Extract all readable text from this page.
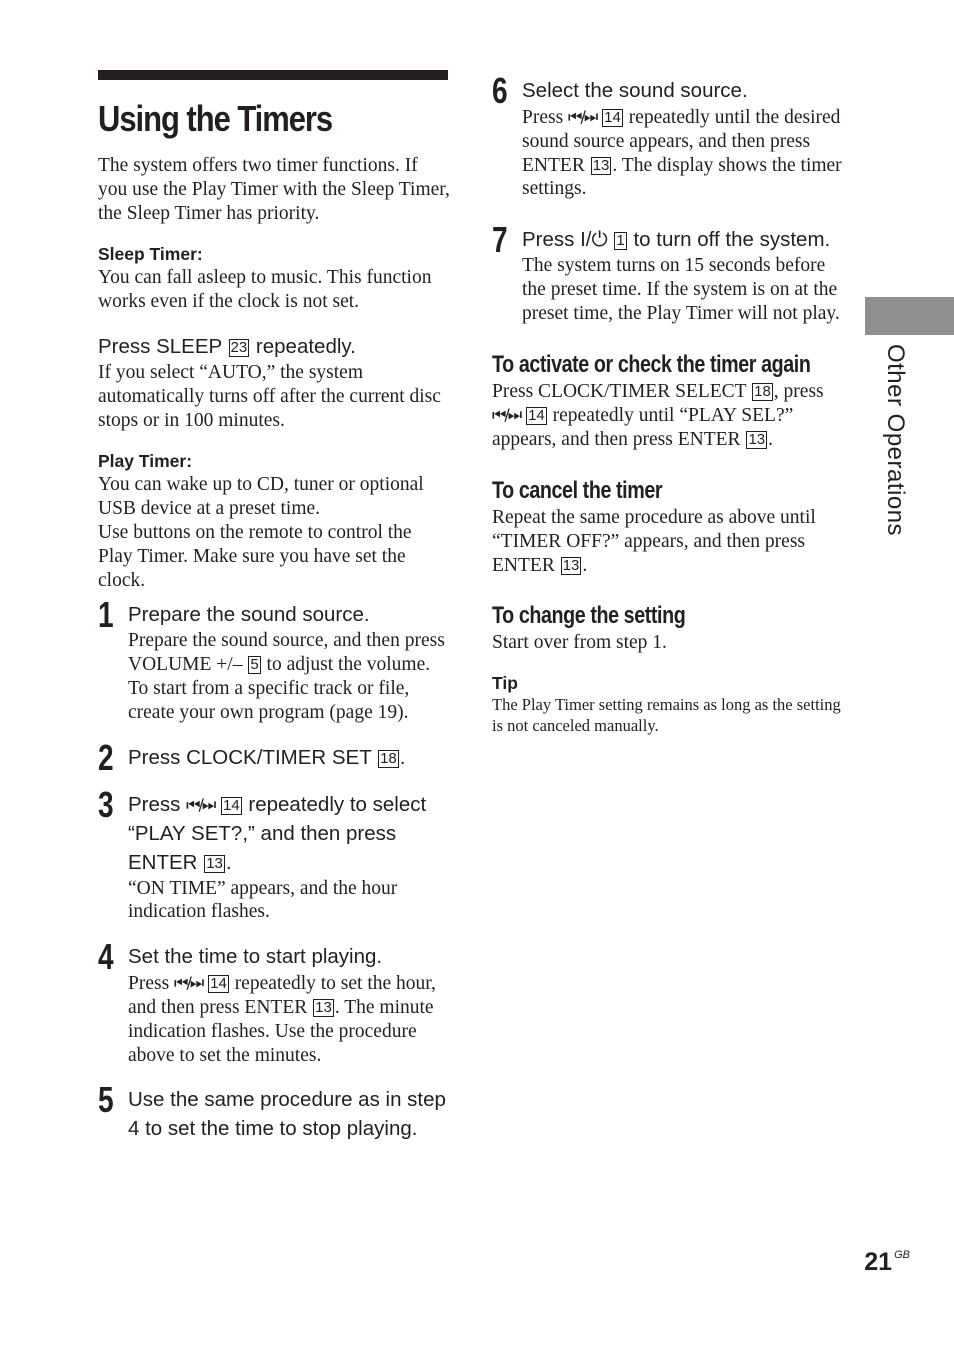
Using the Timers

The system offers two timer functions. If you use the Play Timer with the Sleep Timer, the Sleep Timer has priority.

Sleep Timer:

You can fall asleep to music. This function works even if the clock is not set.

Press SLEEP 23 repeatedly.

If you select “AUTO,” the system automatically turns off after the current disc stops or in 100 minutes.

Play Timer:

You can wake up to CD, tuner or optional USB device at a preset time.

Use buttons on the remote to control the Play Timer. Make sure you have set the clock.

1 Prepare the sound source.

Prepare the sound source, and then press VOLUME +/– 5 to adjust the volume.

To start from a specific track or file, create your own program (page 19).

2 Press CLOCK/TIMER SET 18 .

3 Press ⏮/⏭ 14 repeatedly to select “PLAY SET?,” and then press ENTER 13 .

“ON TIME” appears, and the hour indication flashes.

4 Set the time to start playing.

Press ⏮/⏭ 14 repeatedly to set the hour, and then press ENTER 13 . The minute indication flashes. Use the procedure above to set the minutes.

5 Use the same procedure as in step 4 to set the time to stop playing.

6 Select the sound source.

Press ⏮/⏭ 14 repeatedly until the desired sound source appears, and then press ENTER 13 . The display shows the timer settings.

7 Press I/⏻ 1 to turn off the system.

The system turns on 15 seconds before the preset time. If the system is on at the preset time, the Play Timer will not play.

To activate or check the timer again

Press CLOCK/TIMER SELECT 18 , press ⏮/⏭ 14 repeatedly until “PLAY SEL?” appears, and then press ENTER 13 .

To cancel the timer

Repeat the same procedure as above until “TIMER OFF?” appears, and then press ENTER 13 .

To change the setting

Start over from step 1.

Tip

The Play Timer setting remains as long as the setting is not canceled manually.

Other Operations
21 $^{GB}$
